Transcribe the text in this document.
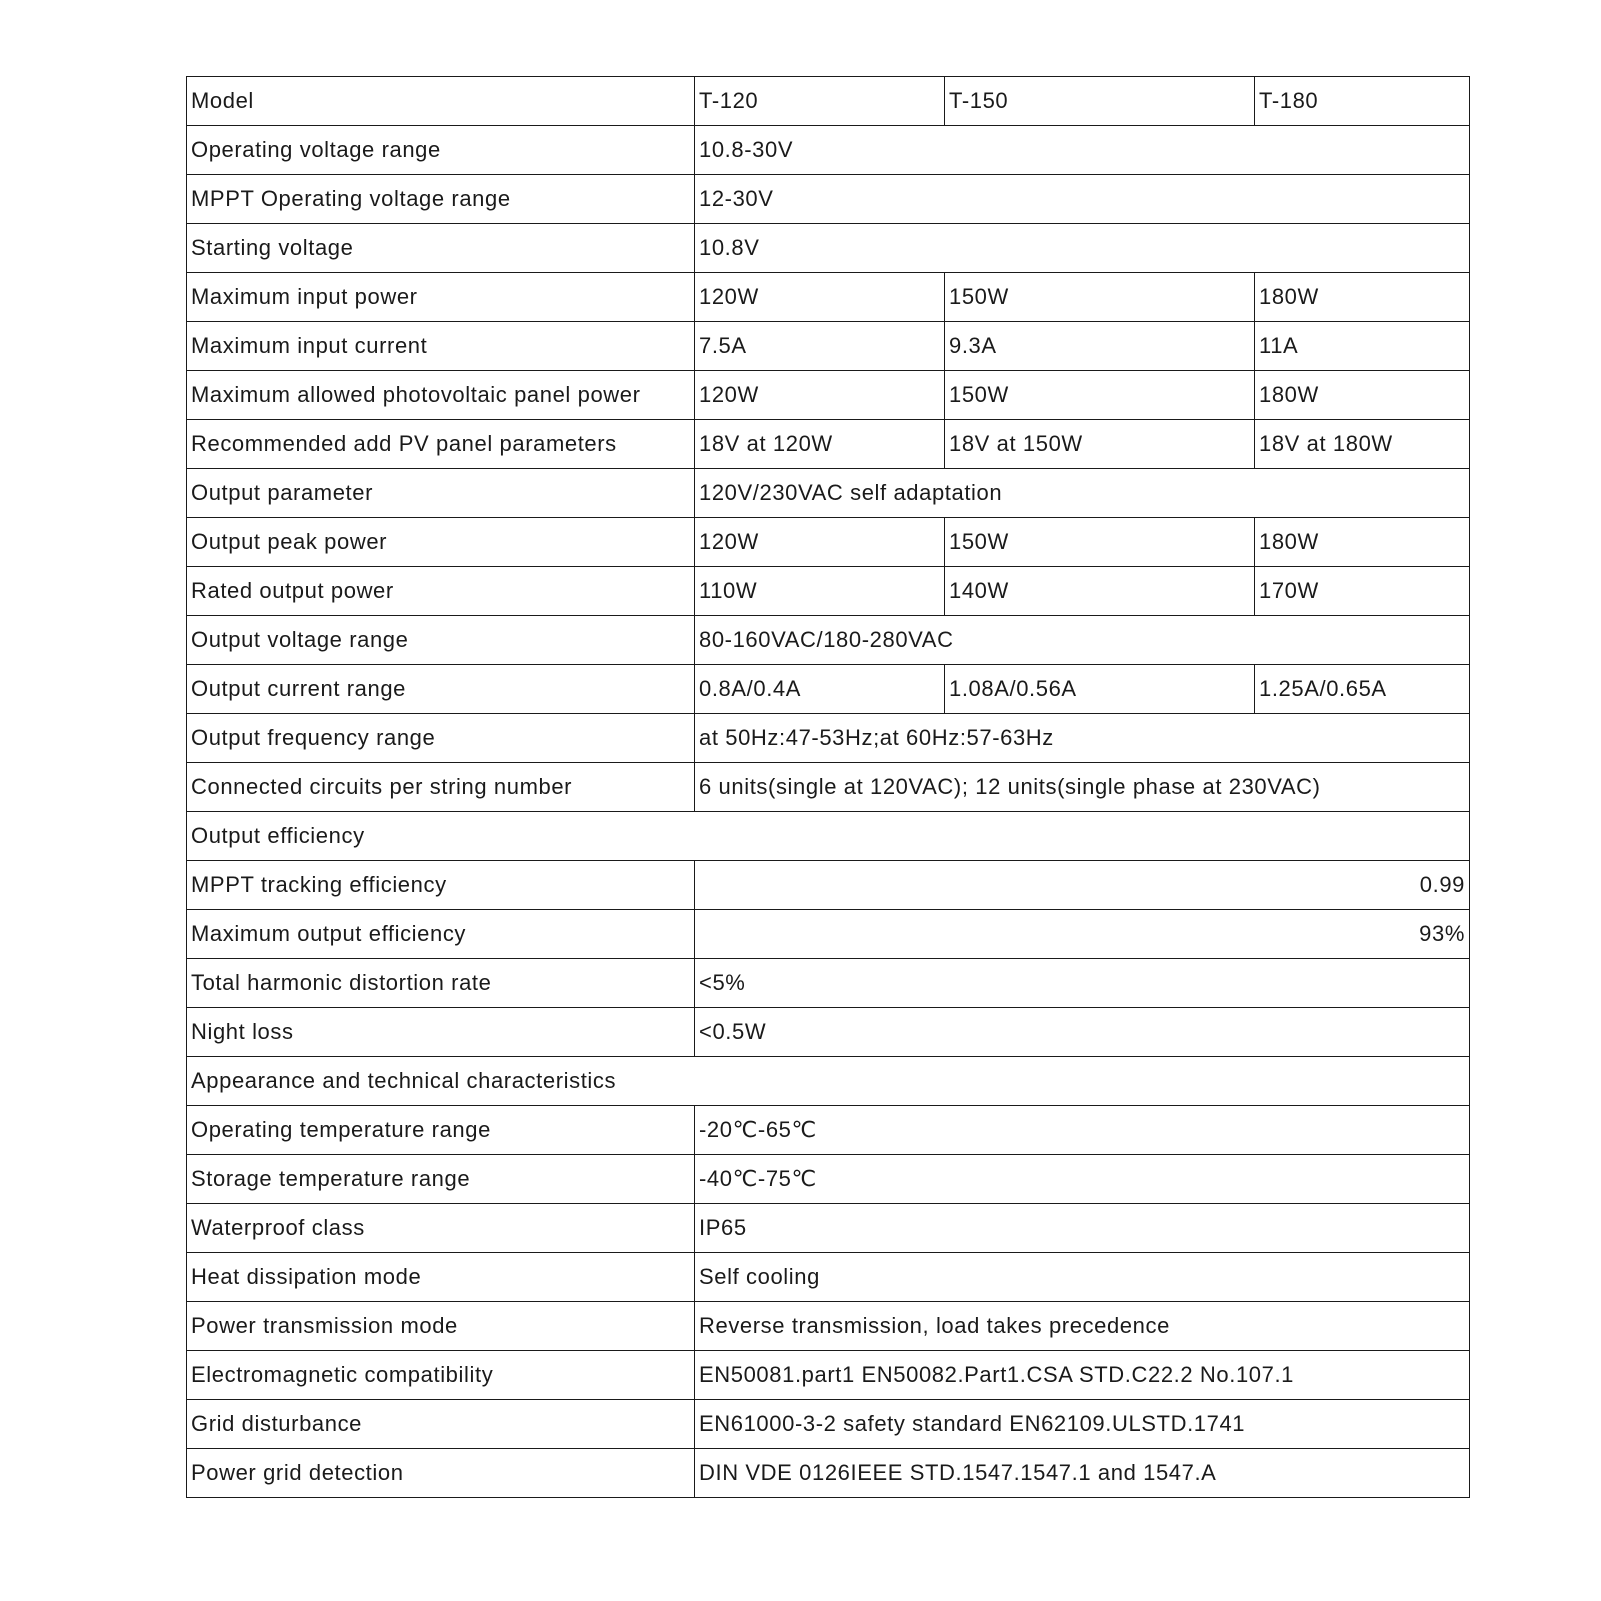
Model	T-120	T-150	T-180
Operating voltage range	10.8-30V		
MPPT Operating voltage range	12-30V		
Starting voltage	10.8V		
Maximum input power	120W	150W	180W
Maximum input current	7.5A	9.3A	11A
Maximum allowed photovoltaic panel power	120W	150W	180W
Recommended add PV panel parameters	18V at 120W	18V at 150W	18V at 180W
Output parameter	120V/230VAC self adaptation		
Output peak power	120W	150W	180W
Rated output power	110W	140W	170W
Output voltage range	80-160VAC/180-280VAC		
Output current range	0.8A/0.4A	1.08A/0.56A	1.25A/0.65A
Output frequency range	at 50Hz:47-53Hz;at 60Hz:57-63Hz		
Connected circuits per string number	6 units(single at 120VAC); 12 units(single phase at 230VAC)		
Output efficiency			
MPPT tracking efficiency	0.99		
Maximum output efficiency	93%		
Total harmonic distortion rate	<5%		
Night loss	<0.5W		
Appearance and technical characteristics			
Operating temperature range	-20℃-65℃		
Storage temperature range	-40℃-75℃		
Waterproof class	IP65		
Heat dissipation mode	Self cooling		
Power transmission mode	Reverse transmission, load takes precedence		
Electromagnetic compatibility	EN50081.part1 EN50082.Part1.CSA STD.C22.2 No.107.1		
Grid disturbance	EN61000-3-2 safety standard EN62109.ULSTD.1741		
Power grid detection	DIN VDE 0126IEEE STD.1547.1547.1 and 1547.A		
